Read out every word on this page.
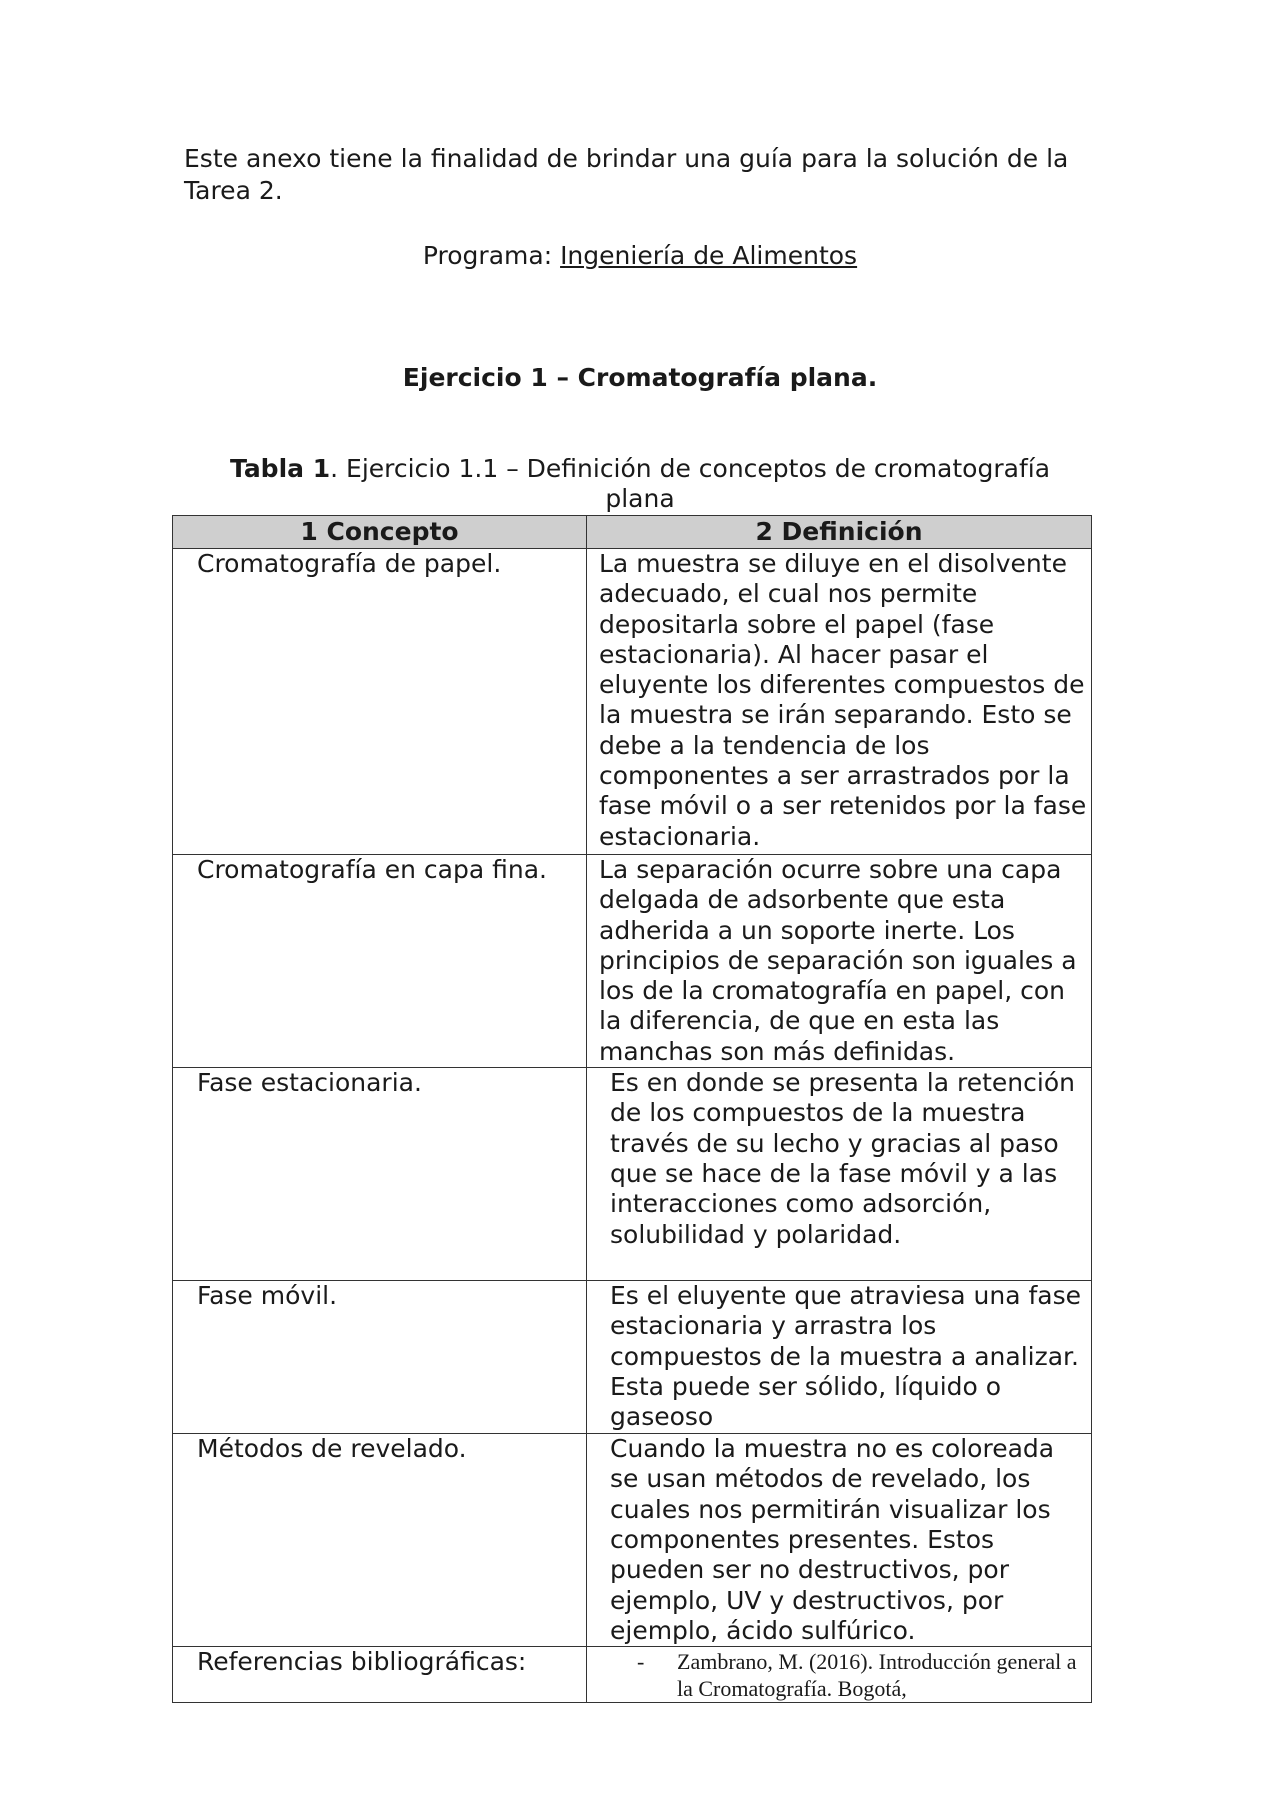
Este anexo tiene la finalidad de brindar una guía para la solución de la Tarea 2.

Programa: Ingeniería de Alimentos

Ejercicio 1 – Cromatografía plana.

Tabla 1. Ejercicio 1.1 – Definición de conceptos de cromatografía plana

1 Concepto	2 Definición
Cromatografía de papel.	La muestra se diluye en el disolvente adecuado, el cual nos permite depositarla sobre el papel (fase estacionaria). Al hacer pasar el eluyente los diferentes compuestos de la muestra se irán separando. Esto se debe a la tendencia de los componentes a ser arrastrados por la fase móvil o a ser retenidos por la fase estacionaria.
Cromatografía en capa fina.	La separación ocurre sobre una capa delgada de adsorbente que esta adherida a un soporte inerte. Los principios de separación son iguales a los de la cromatografía en papel, con la diferencia, de que en esta las manchas son más definidas.
Fase estacionaria.	Es en donde se presenta la retención de los compuestos de la muestra través de su lecho y gracias al paso que se hace de la fase móvil y a las interacciones como adsorción, solubilidad y polaridad.
Fase móvil.	Es el eluyente que atraviesa una fase estacionaria y arrastra los compuestos de la muestra a analizar. Esta puede ser sólido, líquido o gaseoso
Métodos de revelado.	Cuando la muestra no es coloreada se usan métodos de revelado, los cuales nos permitirán visualizar los componentes presentes. Estos pueden ser no destructivos, por ejemplo, UV y destructivos, por ejemplo, ácido sulfúrico.
Referencias bibliográficas:	- Zambrano, M. (2016). Introducción general a la Cromatografía. Bogotá,
